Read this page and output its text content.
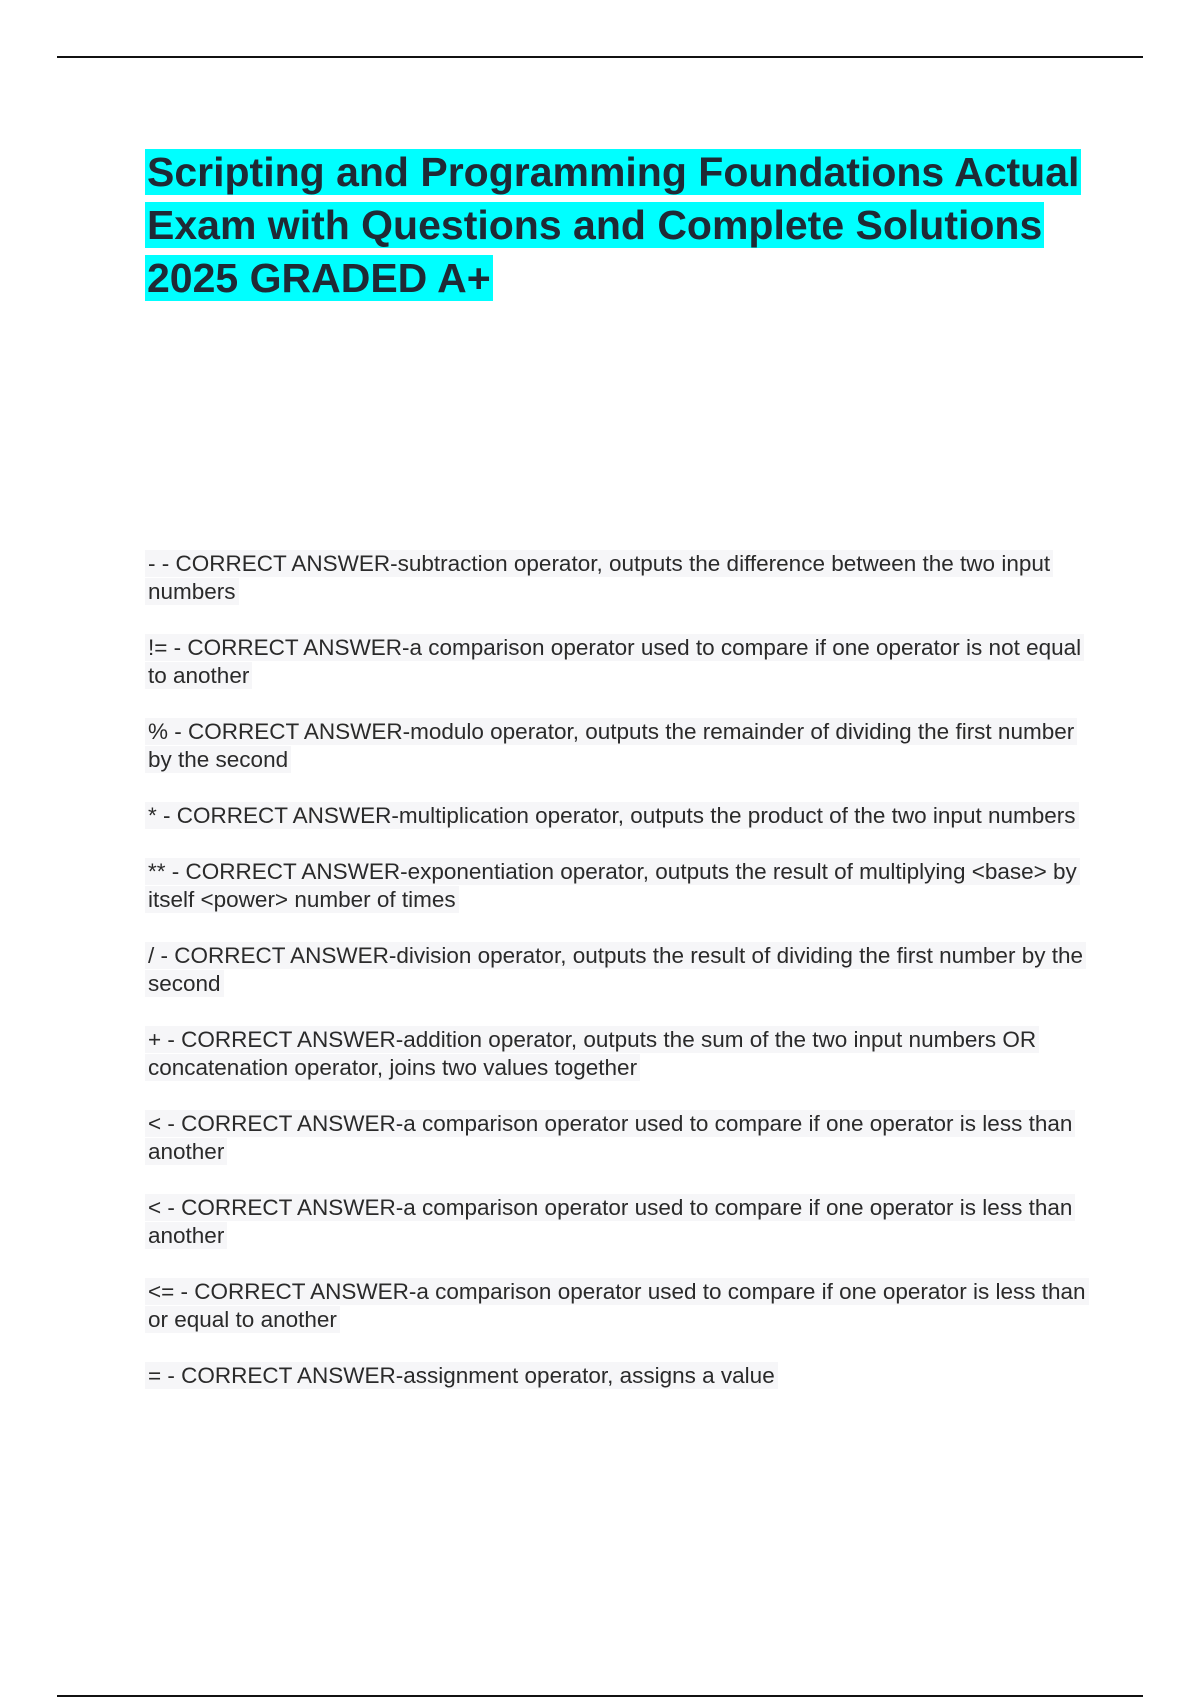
Scripting and Programming Foundations Actual Exam with Questions and Complete Solutions 2025 GRADED A+
- - CORRECT ANSWER-subtraction operator, outputs the difference between the two input numbers
!= - CORRECT ANSWER-a comparison operator used to compare if one operator is not equal to another
% - CORRECT ANSWER-modulo operator, outputs the remainder of dividing the first number by the second
* - CORRECT ANSWER-multiplication operator, outputs the product of the two input numbers
** - CORRECT ANSWER-exponentiation operator, outputs the result of multiplying <base> by itself <power> number of times
/ - CORRECT ANSWER-division operator, outputs the result of dividing the first number by the second
+ - CORRECT ANSWER-addition operator, outputs the sum of the two input numbers OR concatenation operator, joins two values together
< - CORRECT ANSWER-a comparison operator used to compare if one operator is less than another
< - CORRECT ANSWER-a comparison operator used to compare if one operator is less than another
<= - CORRECT ANSWER-a comparison operator used to compare if one operator is less than or equal to another
= - CORRECT ANSWER-assignment operator, assigns a value
